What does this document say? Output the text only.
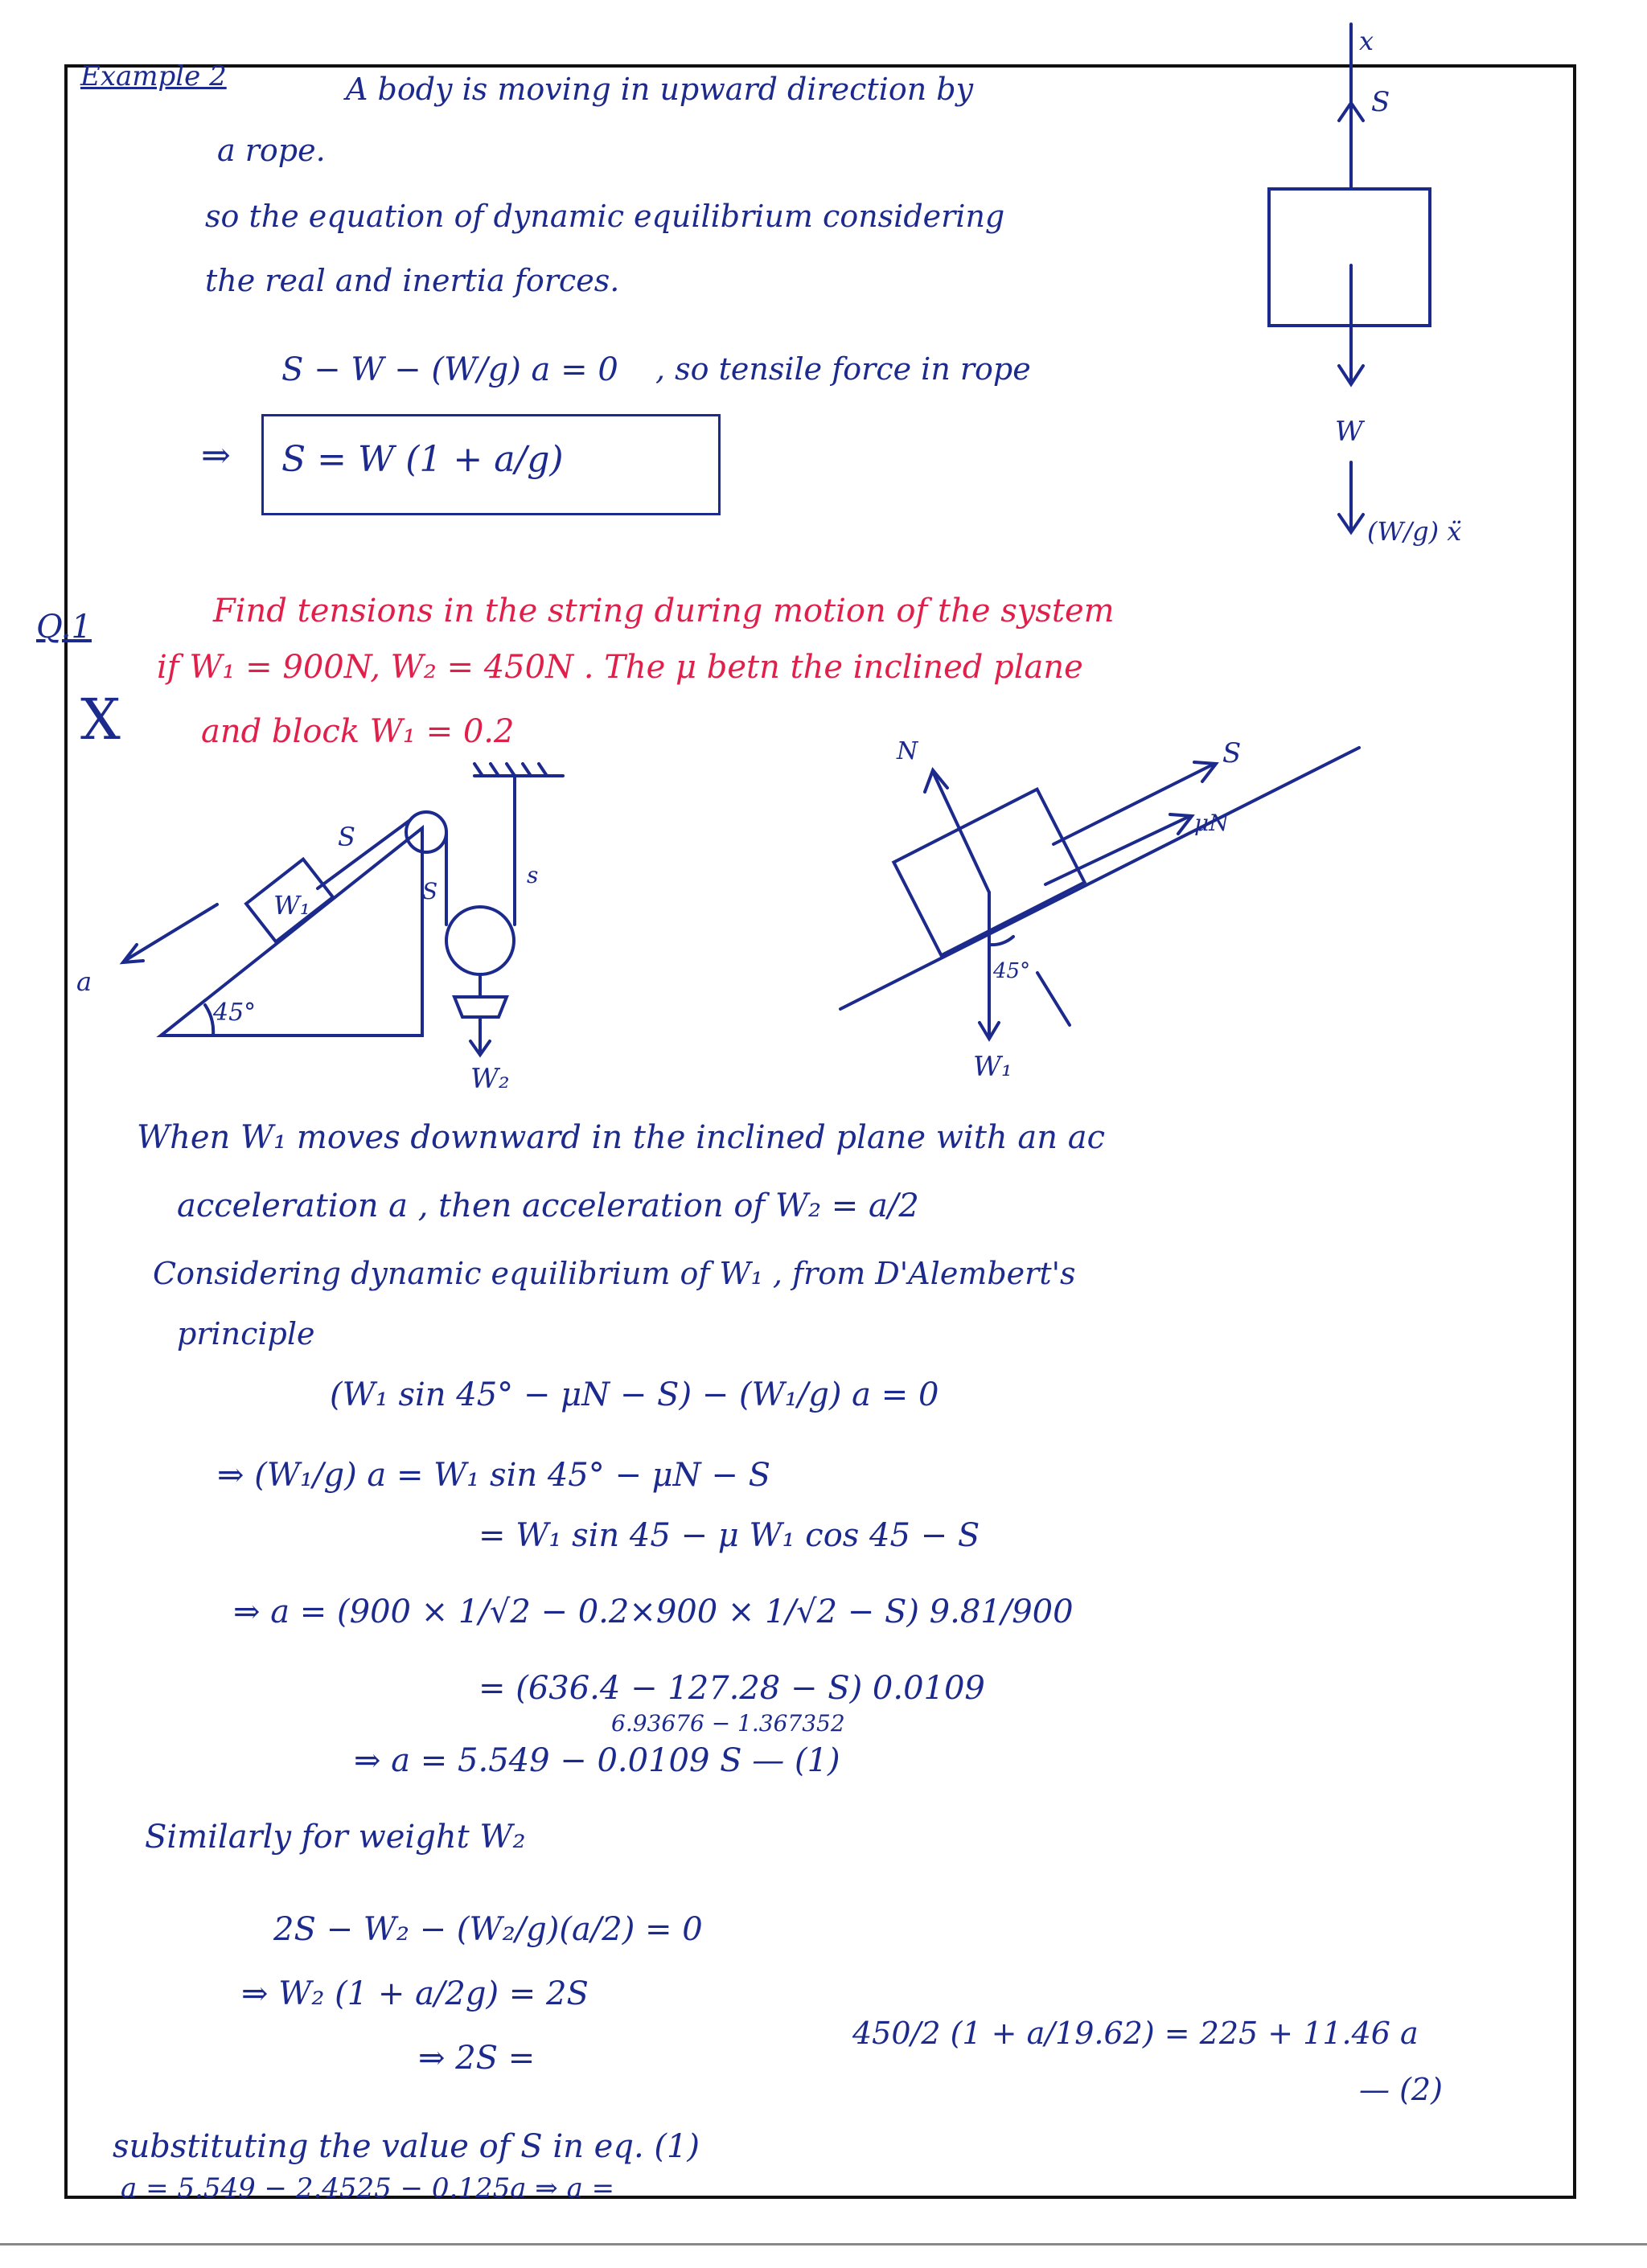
Example 2	A body is moving in upward direction by
a rope.
so the equation of dynamic equilibrium considering
the real and inertia forces.
S − W − (W/g) a = 0 , so tensile force in rope
⇒ S = W (1 + a/g)
Q.1
X
Find tensions in the string during motion of the system
if W₁ = 900N, W₂ = 450N . The μ betn the inclined plane
and block W₁ = 0.2
x
S
W
(W/g) ẍ
S
S
s
W₁
W₂
45°
a
N	S
μN
45°
W₁
When W₁ moves downward in the inclined plane with an ac
acceleration a , then acceleration of W₂ = a/2
Considering dynamic equilibrium of W₁ , from D'Alembert's
principle
(W₁ sin 45° − μN − S) − (W₁/g) a = 0
⇒ (W₁/g) a = W₁ sin 45° − μN − S
= W₁ sin 45 − μ W₁ cos 45 − S
⇒ a = (900 × 1/√2 − 0.2×900 × 1/√2 − S) 9.81/900
= (636.4 − 127.28 − S) 0.0109
6.93676 − 1.367352
⇒ a = 5.549 − 0.0109 S — (1)
Similarly for weight W₂
2S − W₂ − (W₂/g)(a/2) = 0
⇒ W₂ (1 + a/2g) = 2S
⇒ 2S =
450/2 (1 + a/19.62) = 225 + 11.46 a
— (2)
substituting the value of S in eq. (1)
a = 5.549 − 2.4525 − 0.125a ⇒ a =
